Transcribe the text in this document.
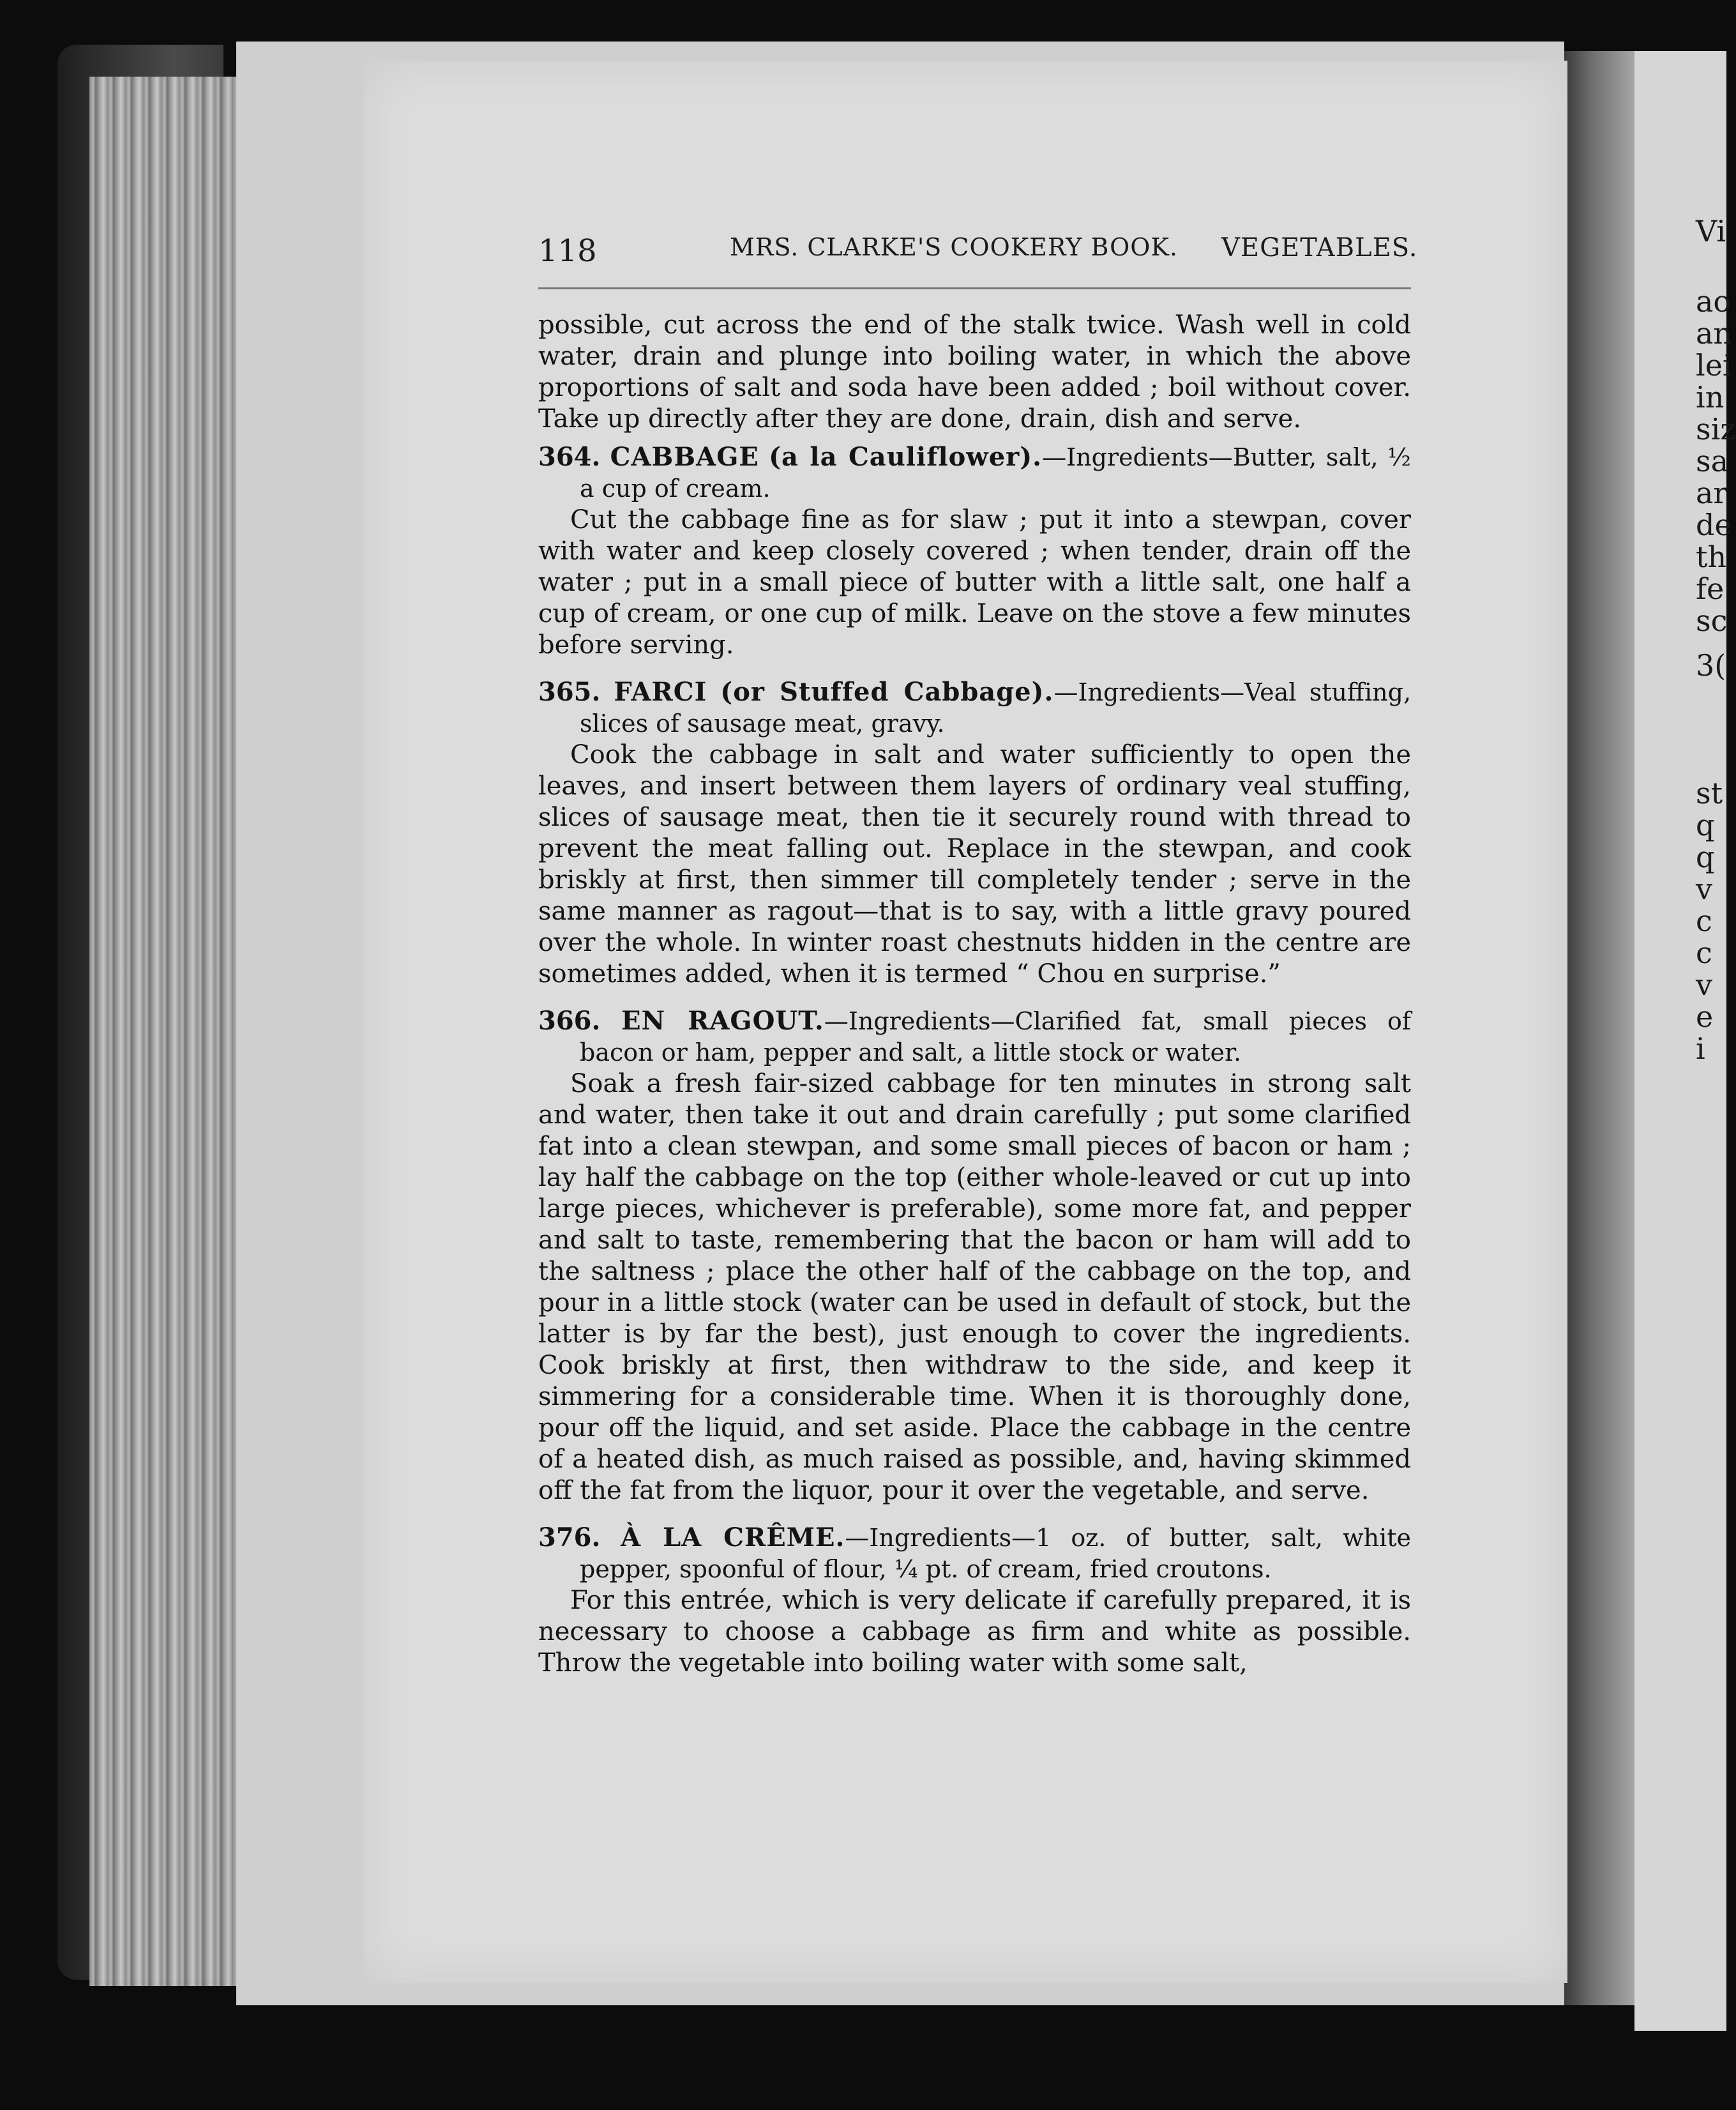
Vi
ao
an
lei
in
siz
sa
ar
de
th
fe
sc
3(
st
q
q
v
c
c
v
e
i
118	MRS. CLARKE'S COOKERY BOOK. VEGETABLES.

possible, cut across the end of the stalk twice. Wash well in cold water, drain and plunge into boiling water, in which the above proportions of salt and soda have been added ; boil without cover. Take up directly after they are done, drain, dish and serve.

364. CABBAGE (a la Cauliflower).—Ingredients—Butter, salt, ½ a cup of cream.

Cut the cabbage fine as for slaw ; put it into a stewpan, cover with water and keep closely covered ; when tender, drain off the water ; put in a small piece of butter with a little salt, one half a cup of cream, or one cup of milk. Leave on the stove a few minutes before serving.

365. FARCI (or Stuffed Cabbage).—Ingredients—Veal stuffing, slices of sausage meat, gravy.

Cook the cabbage in salt and water sufficiently to open the leaves, and insert between them layers of ordinary veal stuffing, slices of sausage meat, then tie it securely round with thread to prevent the meat falling out. Replace in the stewpan, and cook briskly at first, then simmer till completely tender ; serve in the same manner as ragout—that is to say, with a little gravy poured over the whole. In winter roast chestnuts hidden in the centre are sometimes added, when it is termed “ Chou en surprise.”

366. EN RAGOUT.—Ingredients—Clarified fat, small pieces of bacon or ham, pepper and salt, a little stock or water.

Soak a fresh fair-sized cabbage for ten minutes in strong salt and water, then take it out and drain carefully ; put some clarified fat into a clean stewpan, and some small pieces of bacon or ham ; lay half the cabbage on the top (either whole-leaved or cut up into large pieces, whichever is preferable), some more fat, and pepper and salt to taste, remembering that the bacon or ham will add to the saltness ; place the other half of the cabbage on the top, and pour in a little stock (water can be used in default of stock, but the latter is by far the best), just enough to cover the ingredients. Cook briskly at first, then withdraw to the side, and keep it simmering for a considerable time. When it is thoroughly done, pour off the liquid, and set aside. Place the cabbage in the centre of a heated dish, as much raised as possible, and, having skimmed off the fat from the liquor, pour it over the vegetable, and serve.

376. À LA CRÊME.—Ingredients—1 oz. of butter, salt, white pepper, spoonful of flour, ¼ pt. of cream, fried croutons.

For this entrée, which is very delicate if carefully prepared, it is necessary to choose a cabbage as firm and white as possible. Throw the vegetable into boiling water with some salt,
